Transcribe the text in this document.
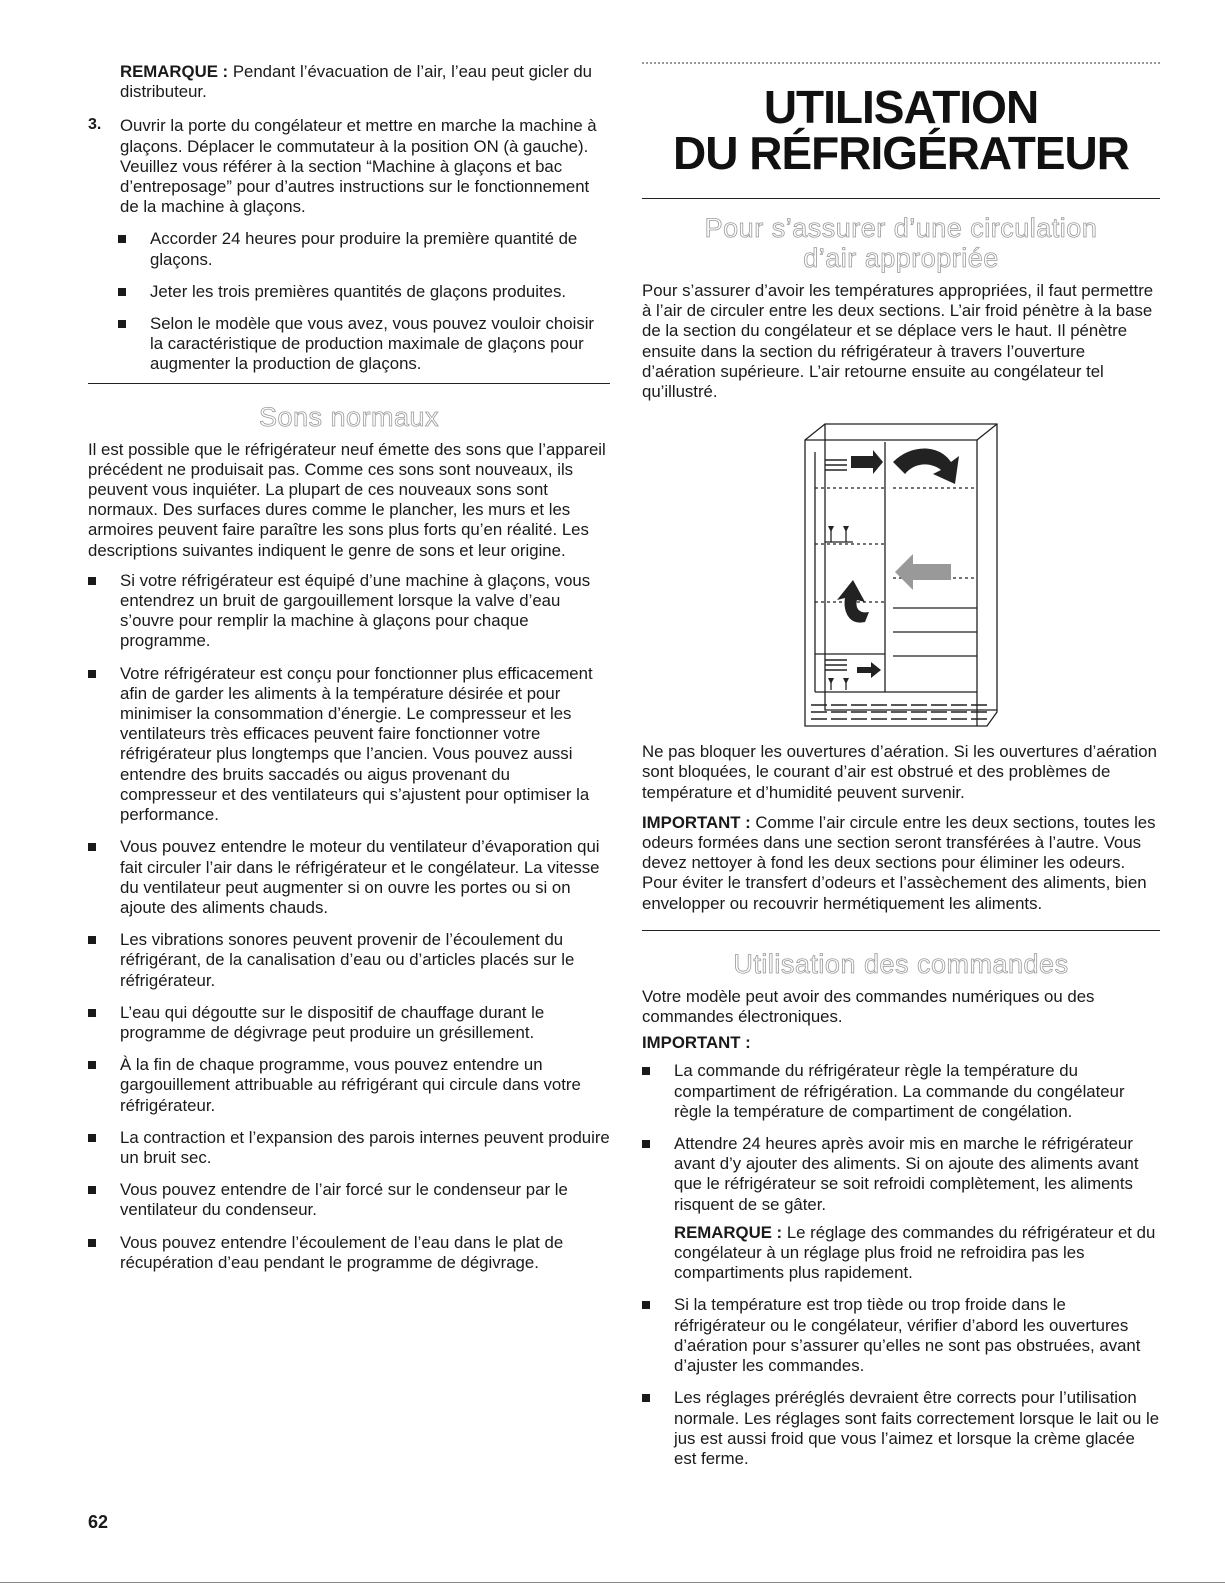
REMARQUE : Pendant l’évacuation de l’air, l’eau peut gicler du distributeur.

3. Ouvrir la porte du congélateur et mettre en marche la machine à glaçons. Déplacer le commutateur à la position ON (à gauche). Veuillez vous référer à la section “Machine à glaçons et bac d’entreposage” pour d’autres instructions sur le fonctionnement de la machine à glaçons.

Accorder 24 heures pour produire la première quantité de glaçons.
Jeter les trois premières quantités de glaçons produites.
Selon le modèle que vous avez, vous pouvez vouloir choisir la caractéristique de production maximale de glaçons pour augmenter la production de glaçons.
Sons normaux

Il est possible que le réfrigérateur neuf émette des sons que l’appareil précédent ne produisait pas. Comme ces sons sont nouveaux, ils peuvent vous inquiéter. La plupart de ces nouveaux sons sont normaux. Des surfaces dures comme le plancher, les murs et les armoires peuvent faire paraître les sons plus forts qu’en réalité. Les descriptions suivantes indiquent le genre de sons et leur origine.

Si votre réfrigérateur est équipé d’une machine à glaçons, vous entendrez un bruit de gargouillement lorsque la valve d’eau s’ouvre pour remplir la machine à glaçons pour chaque programme.
Votre réfrigérateur est conçu pour fonctionner plus efficacement afin de garder les aliments à la température désirée et pour minimiser la consommation d’énergie. Le compresseur et les ventilateurs très efficaces peuvent faire fonctionner votre réfrigérateur plus longtemps que l’ancien. Vous pouvez aussi entendre des bruits saccadés ou aigus provenant du compresseur et des ventilateurs qui s’ajustent pour optimiser la performance.
Vous pouvez entendre le moteur du ventilateur d’évaporation qui fait circuler l’air dans le réfrigérateur et le congélateur. La vitesse du ventilateur peut augmenter si on ouvre les portes ou si on ajoute des aliments chauds.
Les vibrations sonores peuvent provenir de l’écoulement du réfrigérant, de la canalisation d’eau ou d’articles placés sur le réfrigérateur.
L’eau qui dégoutte sur le dispositif de chauffage durant le programme de dégivrage peut produire un grésillement.
À la fin de chaque programme, vous pouvez entendre un gargouillement attribuable au réfrigérant qui circule dans votre réfrigérateur.
La contraction et l’expansion des parois internes peuvent produire un bruit sec.
Vous pouvez entendre de l’air forcé sur le condenseur par le ventilateur du condenseur.
Vous pouvez entendre l’écoulement de l’eau dans le plat de récupération d’eau pendant le programme de dégivrage.
UTILISATION
DU RÉFRIGÉRATEUR
Pour s’assurer d’une circulation
d’air appropriée

Pour s’assurer d’avoir les températures appropriées, il faut permettre à l’air de circuler entre les deux sections. L’air froid pénètre à la base de la section du congélateur et se déplace vers le haut. Il pénètre ensuite dans la section du réfrigérateur à travers l’ouverture d’aération supérieure. L’air retourne ensuite au congélateur tel qu’illustré.

Ne pas bloquer les ouvertures d’aération. Si les ouvertures d’aération sont bloquées, le courant d’air est obstrué et des problèmes de température et d’humidité peuvent survenir.

IMPORTANT : Comme l’air circule entre les deux sections, toutes les odeurs formées dans une section seront transférées à l’autre. Vous devez nettoyer à fond les deux sections pour éliminer les odeurs. Pour éviter le transfert d’odeurs et l’assèchement des aliments, bien envelopper ou recouvrir hermétiquement les aliments.

Utilisation des commandes

Votre modèle peut avoir des commandes numériques ou des commandes électroniques.

IMPORTANT :

La commande du réfrigérateur règle la température du compartiment de réfrigération. La commande du congélateur règle la température de compartiment de congélation.
Attendre 24 heures après avoir mis en marche le réfrigérateur avant d’y ajouter des aliments. Si on ajoute des aliments avant que le réfrigérateur se soit refroidi complètement, les aliments risquent de se gâter.

REMARQUE : Le réglage des commandes du réfrigérateur et du congélateur à un réglage plus froid ne refroidira pas les compartiments plus rapidement.

Si la température est trop tiède ou trop froide dans le réfrigérateur ou le congélateur, vérifier d’abord les ouvertures d’aération pour s’assurer qu’elles ne sont pas obstruées, avant d’ajuster les commandes.
Les réglages préréglés devraient être corrects pour l’utilisation normale. Les réglages sont faits correctement lorsque le lait ou le jus est aussi froid que vous l’aimez et lorsque la crème glacée est ferme.
62
